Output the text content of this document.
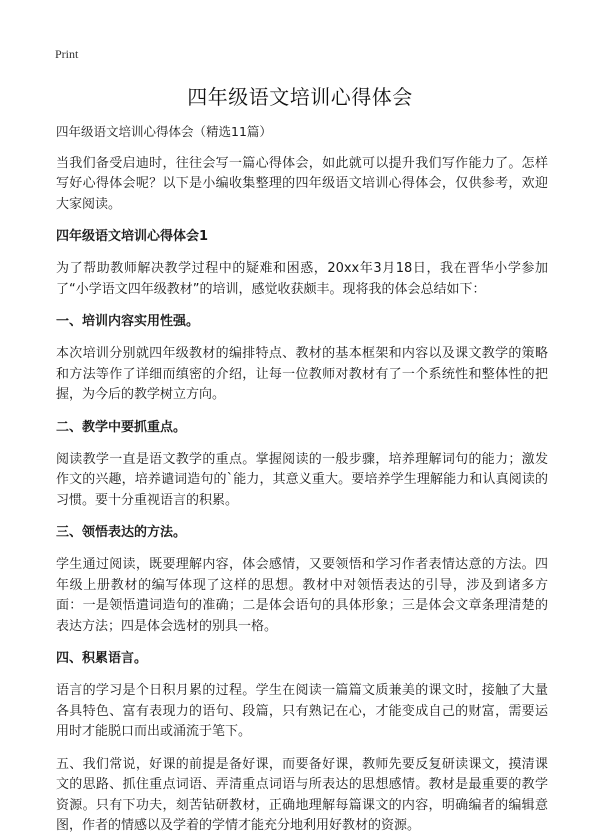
Print
四年级语文培训心得体会

四年级语文培训心得体会（精选11篇）

当我们备受启迪时，往往会写一篇心得体会，如此就可以提升我们写作能力了。怎样写好心得体会呢？以下是小编收集整理的四年级语文培训心得体会，仅供参考，欢迎大家阅读。

四年级语文培训心得体会1

为了帮助教师解决教学过程中的疑难和困惑，20xx年3月18日，我在晋华小学参加了“小学语文四年级教材”的培训，感觉收获颇丰。现将我的体会总结如下：

一、培训内容实用性强。

本次培训分别就四年级教材的编排特点、教材的基本框架和内容以及课文教学的策略和方法等作了详细而缜密的介绍，让每一位教师对教材有了一个系统性和整体性的把握，为今后的教学树立方向。

二、教学中要抓重点。

阅读教学一直是语文教学的重点。掌握阅读的一般步骤，培养理解词句的能力；激发作文的兴趣，培养谴词造句的`能力，其意义重大。要培养学生理解能力和认真阅读的习惯。要十分重视语言的积累。

三、领悟表达的方法。

学生通过阅读，既要理解内容，体会感情，又要领悟和学习作者表情达意的方法。四年级上册教材的编写体现了这样的思想。教材中对领悟表达的引导，涉及到诸多方面：一是领悟遣词造句的准确；二是体会语句的具体形象；三是体会文章条理清楚的表达方法；四是体会选材的别具一格。

四、积累语言。

语言的学习是个日积月累的过程。学生在阅读一篇篇文质兼美的课文时，接触了大量各具特色、富有表现力的语句、段篇，只有熟记在心，才能变成自己的财富，需要运用时才能脱口而出或涌流于笔下。

五、我们常说，好课的前提是备好课，而要备好课，教师先要反复研读课文，摸清课文的思路、抓住重点词语、弄清重点词语与所表达的思想感情。教材是最重要的教学资源。只有下功夫，刻苦钻研教材，正确地理解每篇课文的内容，明确编者的编辑意图，作者的情感以及学着的学情才能充分地利用好教材的资源。
